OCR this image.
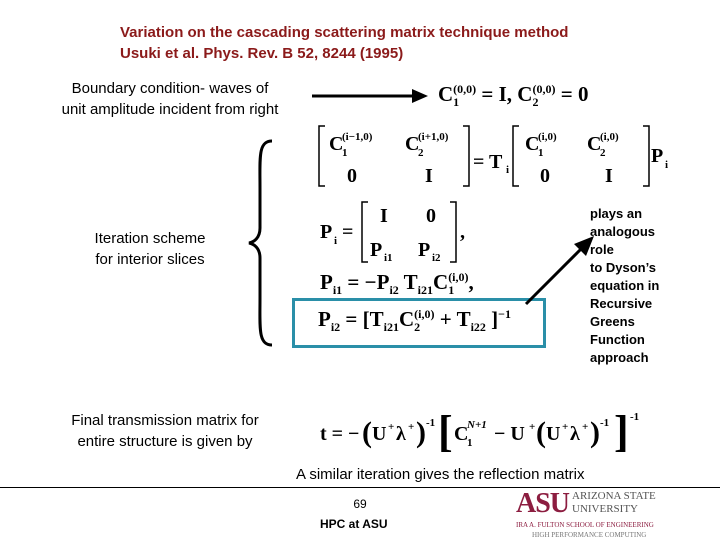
Variation on the cascading scattering matrix technique method
Usuki et al. Phys. Rev. B 52, 8244 (1995)
Boundary condition- waves of
unit amplitude incident from right
$C_1^{(0,0)} = I$, $C_2^{(0,0)} = 0$
C
1
(i−1,0) C
2
(i+1,0)
0	I
= T i
C
1
(i,0) C
2
(i,0)
0	I
P i
Iteration scheme
for interior slices
P i =
I 0
P i1 P i2
,
$P_{i1} = -P_{i2}$ $T_{i21}C_1^{(i,0)}$,
$P_{i2} = [T_{i21}C_2^{(i,0)} + T_{i22}$ ]$^{-1}$
plays an
analogous
role
to Dyson’s
equation in
Recursive
Greens
Function
approach
Final transmission matrix for
entire structure is given by	t = − ( U + λ + ) -1 [ C
1
N+1 − U + ( U + λ + ) -1 ] -1
A similar iteration gives the reflection matrix
69
HPC at ASU
ASU ARIZONA STATE
UNIVERSITY
IRA A. FULTON SCHOOL OF ENGINEERING
HIGH PERFORMANCE COMPUTING
